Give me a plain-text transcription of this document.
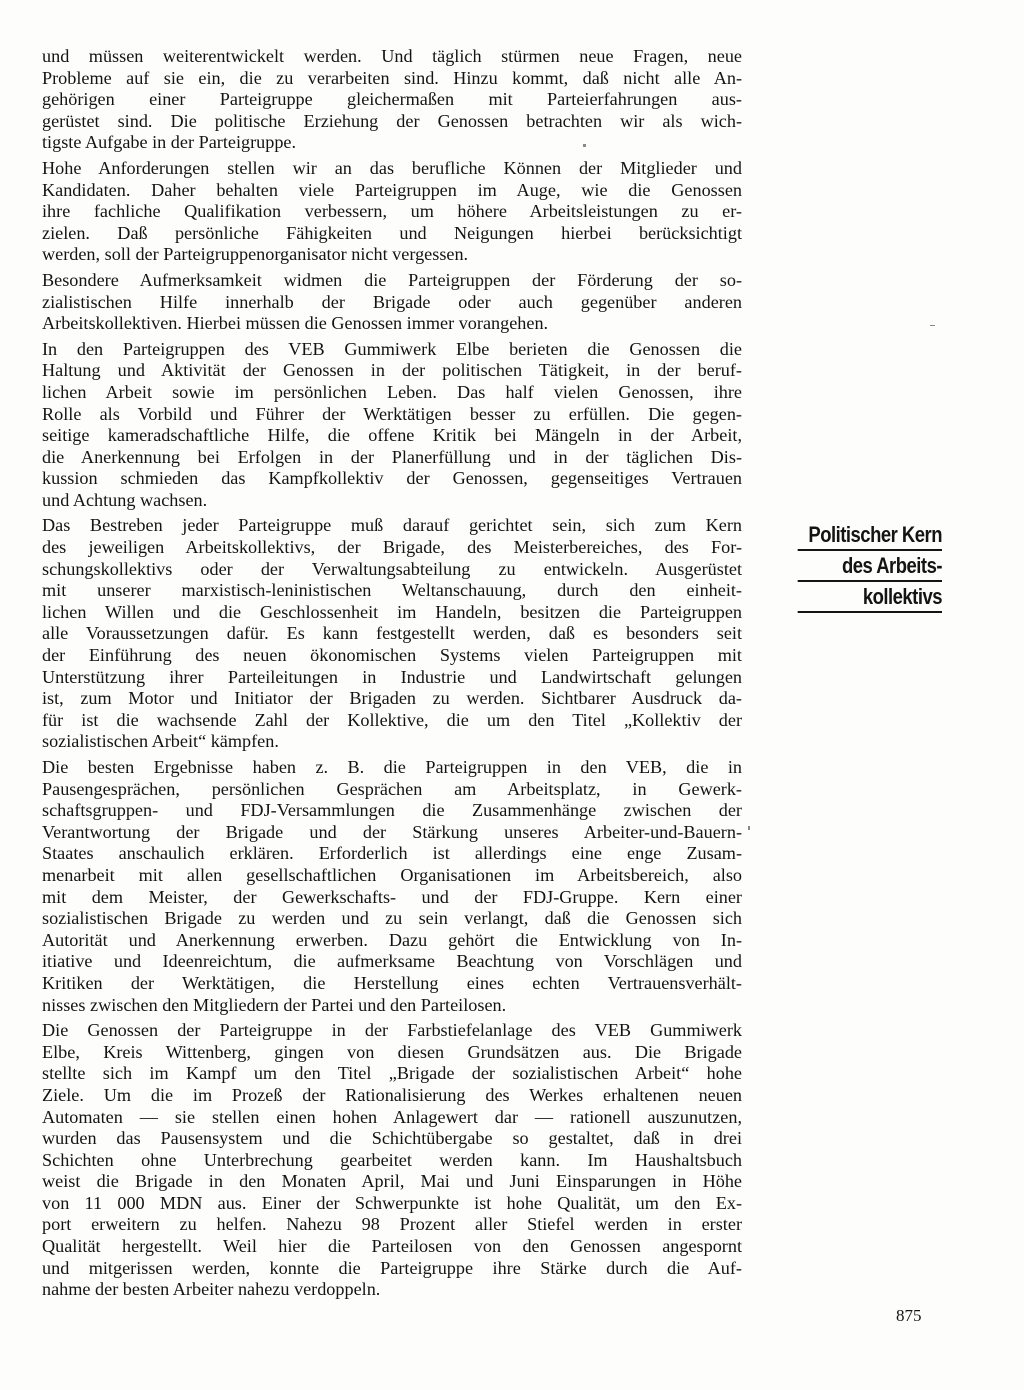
und müssen weiterentwickelt werden. Und täglich stürmen neue Fragen, neue
Probleme auf sie ein, die zu verarbeiten sind. Hinzu kommt, daß nicht alle An-
gehörigen einer Parteigruppe gleichermaßen mit Parteierfahrungen aus-
gerüstet sind. Die politische Erziehung der Genossen betrachten wir als wich-
tigste Aufgabe in der Parteigruppe.

Hohe Anforderungen stellen wir an das berufliche Können der Mitglieder und
Kandidaten. Daher behalten viele Parteigruppen im Auge, wie die Genossen
ihre fachliche Qualifikation verbessern, um höhere Arbeitsleistungen zu er-
zielen. Daß persönliche Fähigkeiten und Neigungen hierbei berücksichtigt
werden, soll der Parteigruppenorganisator nicht vergessen.

Besondere Aufmerksamkeit widmen die Parteigruppen der Förderung der so-
zialistischen Hilfe innerhalb der Brigade oder auch gegenüber anderen
Arbeitskollektiven. Hierbei müssen die Genossen immer vorangehen.

In den Parteigruppen des VEB Gummiwerk Elbe berieten die Genossen die
Haltung und Aktivität der Genossen in der politischen Tätigkeit, in der beruf-
lichen Arbeit sowie im persönlichen Leben. Das half vielen Genossen, ihre
Rolle als Vorbild und Führer der Werktätigen besser zu erfüllen. Die gegen-
seitige kameradschaftliche Hilfe, die offene Kritik bei Mängeln in der Arbeit,
die Anerkennung bei Erfolgen in der Planerfüllung und in der täglichen Dis-
kussion schmieden das Kampfkollektiv der Genossen, gegenseitiges Vertrauen
und Achtung wachsen.

Das Bestreben jeder Parteigruppe muß darauf gerichtet sein, sich zum Kern
des jeweiligen Arbeitskollektivs, der Brigade, des Meisterbereiches, des For-
schungskollektivs oder der Verwaltungsabteilung zu entwickeln. Ausgerüstet
mit unserer marxistisch-leninistischen Weltanschauung, durch den einheit-
lichen Willen und die Geschlossenheit im Handeln, besitzen die Parteigruppen
alle Voraussetzungen dafür. Es kann festgestellt werden, daß es besonders seit
der Einführung des neuen ökonomischen Systems vielen Parteigruppen mit
Unterstützung ihrer Parteileitungen in Industrie und Landwirtschaft gelungen
ist, zum Motor und Initiator der Brigaden zu werden. Sichtbarer Ausdruck da-
für ist die wachsende Zahl der Kollektive, die um den Titel „Kollektiv der
sozialistischen Arbeit“ kämpfen.

Die besten Ergebnisse haben z. B. die Parteigruppen in den VEB, die in
Pausengesprächen, persönlichen Gesprächen am Arbeitsplatz, in Gewerk-
schaftsgruppen- und FDJ-Versammlungen die Zusammenhänge zwischen der
Verantwortung der Brigade und der Stärkung unseres Arbeiter-und-Bauern-
Staates anschaulich erklären. Erforderlich ist allerdings eine enge Zusam-
menarbeit mit allen gesellschaftlichen Organisationen im Arbeitsbereich, also
mit dem Meister, der Gewerkschafts- und der FDJ-Gruppe. Kern einer
sozialistischen Brigade zu werden und zu sein verlangt, daß die Genossen sich
Autorität und Anerkennung erwerben. Dazu gehört die Entwicklung von In-
itiative und Ideenreichtum, die aufmerksame Beachtung von Vorschlägen und
Kritiken der Werktätigen, die Herstellung eines echten Vertrauensverhält-
nisses zwischen den Mitgliedern der Partei und den Parteilosen.

Die Genossen der Parteigruppe in der Farbstiefelanlage des VEB Gummiwerk
Elbe, Kreis Wittenberg, gingen von diesen Grundsätzen aus. Die Brigade
stellte sich im Kampf um den Titel „Brigade der sozialistischen Arbeit“ hohe
Ziele. Um die im Prozeß der Rationalisierung des Werkes erhaltenen neuen
Automaten — sie stellen einen hohen Anlagewert dar — rationell auszunutzen,
wurden das Pausensystem und die Schichtübergabe so gestaltet, daß in drei
Schichten ohne Unterbrechung gearbeitet werden kann. Im Haushaltsbuch
weist die Brigade in den Monaten April, Mai und Juni Einsparungen in Höhe
von 11 000 MDN aus. Einer der Schwerpunkte ist hohe Qualität, um den Ex-
port erweitern zu helfen. Nahezu 98 Prozent aller Stiefel werden in erster
Qualität hergestellt. Weil hier die Parteilosen von den Genossen angespornt
und mitgerissen werden, konnte die Parteigruppe ihre Stärke durch die Auf-
nahme der besten Arbeiter nahezu verdoppeln.

Politischer Kern
des Arbeits-
kollektivs
875
